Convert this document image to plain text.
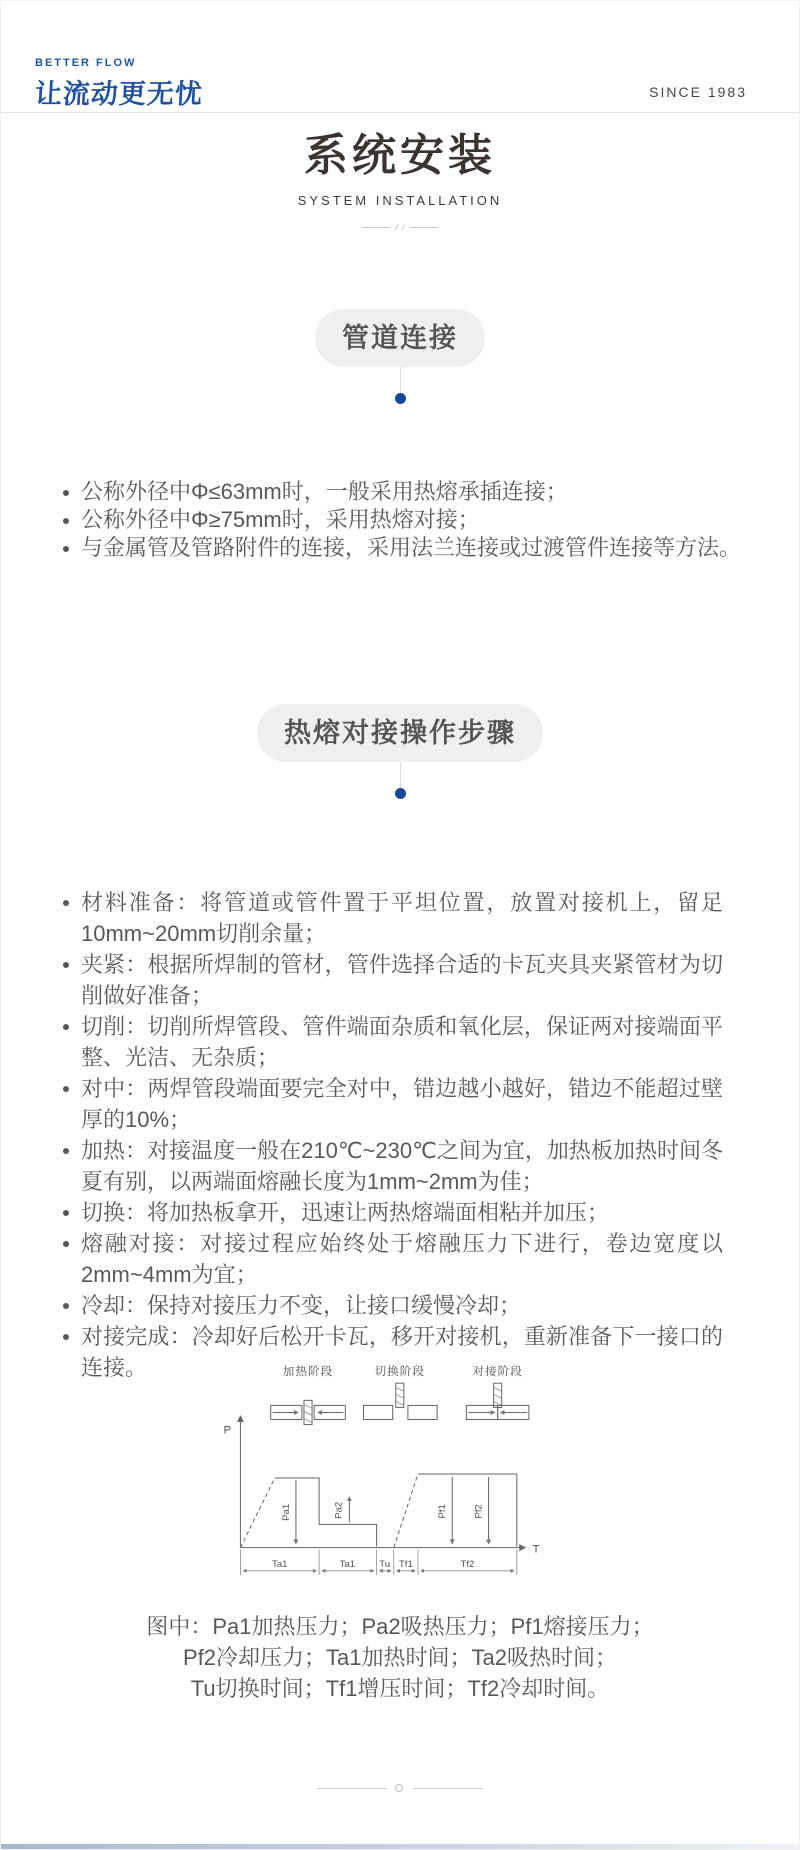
BETTER FLOW
让流动更无忧	SINCE 1983
系统安装
SYSTEM INSTALLATION
管道连接
公称外径中Φ≤63mm时，一般采用热熔承插连接；
公称外径中Φ≥75mm时，采用热熔对接；
与金属管及管路附件的连接，采用法兰连接或过渡管件连接等方法。
热熔对接操作步骤
材料准备：将管道或管件置于平坦位置，放置对接机上，留足10mm~20mm切削余量；
夹紧：根据所焊制的管材，管件选择合适的卡瓦夹具夹紧管材为切削做好准备；
切削：切削所焊管段、管件端面杂质和氧化层，保证两对接端面平整、光洁、无杂质；
对中：两焊管段端面要完全对中，错边越小越好，错边不能超过壁厚的10%；
加热：对接温度一般在210℃~230℃之间为宜，加热板加热时间冬夏有别，以两端面熔融长度为1mm~2mm为佳；
切换：将加热板拿开，迅速让两热熔端面相粘并加压；
熔融对接：对接过程应始终处于熔融压力下进行，卷边宽度以2mm~4mm为宜；
冷却：保持对接压力不变，让接口缓慢冷却；
对接完成：冷却好后松开卡瓦，移开对接机，重新准备下一接口的连接。	加热阶段	切换阶段	对接阶段
P
T
Pa1	Pa2	Pf1	Pf2
Ta1	Ta1	Tu Tf1	Tf2
图中：Pa1加热压力；Pa2吸热压力；Pf1熔接压力；
Pf2冷却压力；Ta1加热时间；Ta2吸热时间；
Tu切换时间；Tf1增压时间；Tf2冷却时间。
